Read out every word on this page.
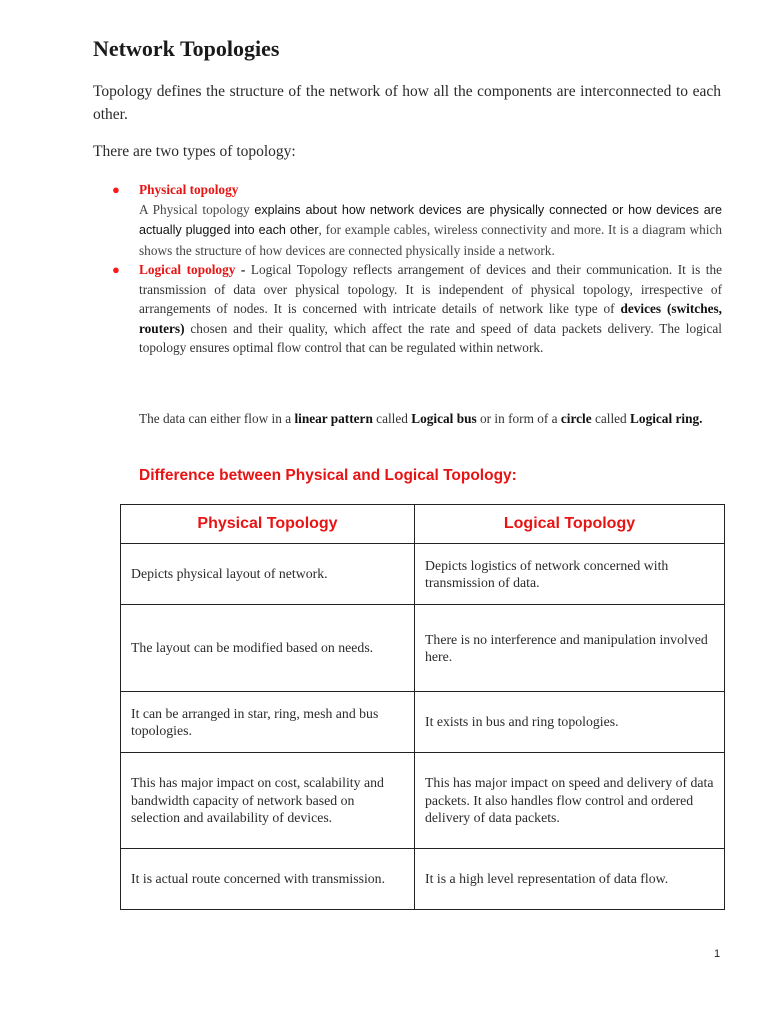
Network Topologies

Topology defines the structure of the network of how all the components are interconnected to each other.

There are two types of topology:

● Physical topology
A Physical topology explains about how network devices are physically connected or how devices are actually plugged into each other, for example cables, wireless connectivity and more. It is a diagram which shows the structure of how devices are connected physically inside a network.
● Logical topology - Logical Topology reflects arrangement of devices and their communication. It is the transmission of data over physical topology. It is independent of physical topology, irrespective of arrangements of nodes. It is concerned with intricate details of network like type of devices (switches, routers) chosen and their quality, which affect the rate and speed of data packets delivery. The logical topology ensures optimal flow control that can be regulated within network.

The data can either flow in a linear pattern called Logical bus or in form of a circle called Logical ring.

Difference between Physical and Logical Topology:

Physical Topology	Logical Topology
Depicts physical layout of network.	Depicts logistics of network concerned with transmission of data.
The layout can be modified based on needs.	There is no interference and manipulation involved here.
It can be arranged in star, ring, mesh and bus topologies.	It exists in bus and ring topologies.
This has major impact on cost, scalability and bandwidth capacity of network based on selection and availability of devices.	This has major impact on speed and delivery of data packets. It also handles flow control and ordered delivery of data packets.
It is actual route concerned with transmission.	It is a high level representation of data flow.
1
